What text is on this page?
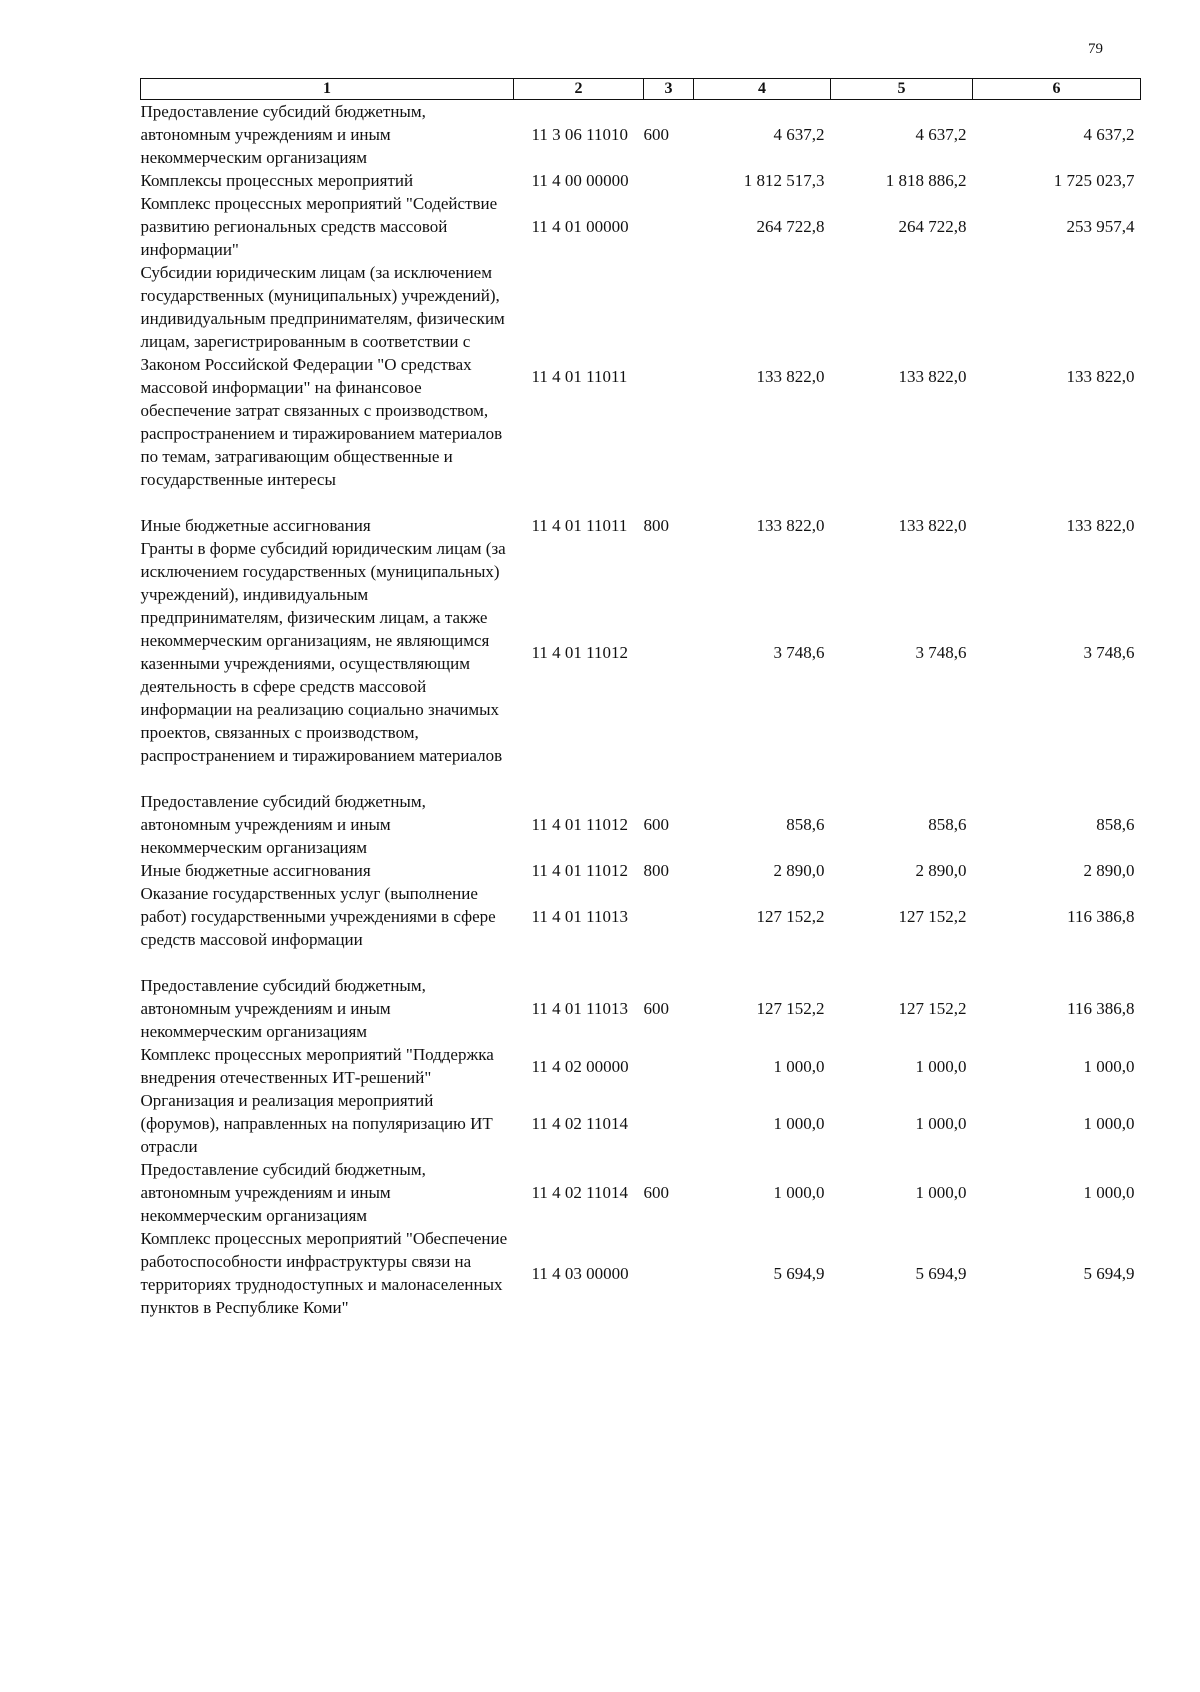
79
1	2	3	4	5	6
Предоставление субсидий бюджетным, автономным учреждениям и иным некоммерческим организациям	11 3 06 11010	600	4 637,2	4 637,2	4 637,2
Комплексы процессных мероприятий	11 4 00 00000		1 812 517,3	1 818 886,2	1 725 023,7
Комплекс процессных мероприятий "Содействие развитию региональных средств массовой информации"	11 4 01 00000		264 722,8	264 722,8	253 957,4
Субсидии юридическим лицам (за исключением государственных (муниципальных) учреждений), индивидуальным предпринимателям, физическим лицам, зарегистрированным в соответствии с Законом Российской Федерации "О средствах массовой информации" на финансовое обеспечение затрат связанных с производством, распространением и тиражированием материалов по темам, затрагивающим общественные и государственные интересы	11 4 01 11011		133 822,0	133 822,0	133 822,0
Иные бюджетные ассигнования	11 4 01 11011	800	133 822,0	133 822,0	133 822,0
Гранты в форме субсидий юридическим лицам (за исключением государственных (муниципальных) учреждений), индивидуальным предпринимателям, физическим лицам, а также некоммерческим организациям, не являющимся казенными учреждениями, осуществляющим деятельность в сфере средств массовой информации на реализацию социально значимых проектов, связанных с производством, распространением и тиражированием материалов	11 4 01 11012		3 748,6	3 748,6	3 748,6
Предоставление субсидий бюджетным, автономным учреждениям и иным некоммерческим организациям	11 4 01 11012	600	858,6	858,6	858,6
Иные бюджетные ассигнования	11 4 01 11012	800	2 890,0	2 890,0	2 890,0
Оказание государственных услуг (выполнение работ) государственными учреждениями в сфере средств массовой информации	11 4 01 11013		127 152,2	127 152,2	116 386,8
Предоставление субсидий бюджетным, автономным учреждениям и иным некоммерческим организациям	11 4 01 11013	600	127 152,2	127 152,2	116 386,8
Комплекс процессных мероприятий "Поддержка внедрения отечественных ИТ-решений"	11 4 02 00000		1 000,0	1 000,0	1 000,0
Организация и реализация мероприятий (форумов), направленных на популяризацию ИТ отрасли	11 4 02 11014		1 000,0	1 000,0	1 000,0
Предоставление субсидий бюджетным, автономным учреждениям и иным некоммерческим организациям	11 4 02 11014	600	1 000,0	1 000,0	1 000,0
Комплекс процессных мероприятий "Обеспечение работоспособности инфраструктуры связи на территориях труднодоступных и малонаселенных пунктов в Республике Коми"	11 4 03 00000		5 694,9	5 694,9	5 694,9
